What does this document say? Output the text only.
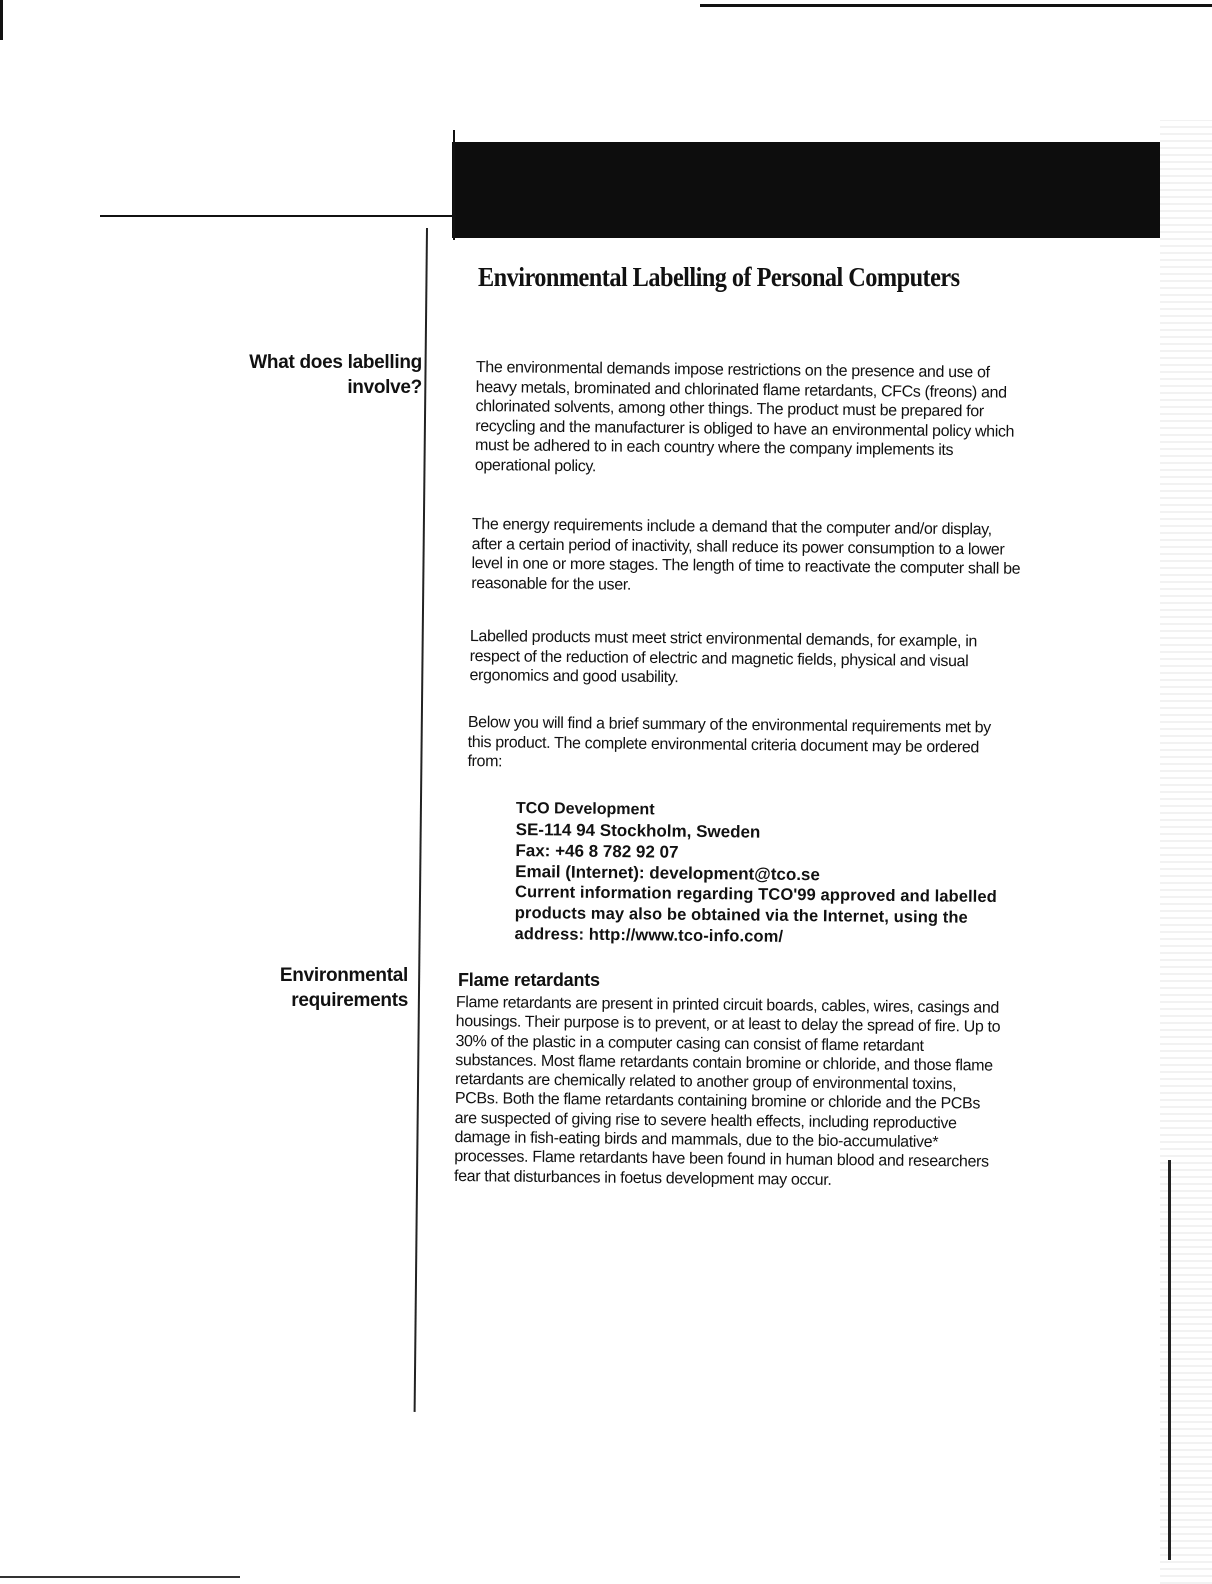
Environmental Labelling of Personal Computers
What does labelling involve?

The environmental demands impose restrictions on the presence and use of heavy metals, brominated and chlorinated flame retardants, CFCs (freons) and chlorinated solvents, among other things. The product must be prepared for recycling and the manufacturer is obliged to have an environmental policy which must be adhered to in each country where the company implements its operational policy.

The energy requirements include a demand that the computer and/or display, after a certain period of inactivity, shall reduce its power consumption to a lower level in one or more stages. The length of time to reactivate the computer shall be reasonable for the user.

Labelled products must meet strict environmental demands, for example, in respect of the reduction of electric and magnetic fields, physical and visual ergonomics and good usability.

Below you will find a brief summary of the environmental requirements met by this product. The complete environmental criteria document may be ordered from:

TCO Development
SE-114 94 Stockholm, Sweden
Fax: +46 8 782 92 07
Email (Internet): development@tco.se
Current information regarding TCO'99 approved and labelled products may also be obtained via the Internet, using the address: http://www.tco-info.com/
Environmental requirements
Flame retardants

Flame retardants are present in printed circuit boards, cables, wires, casings and housings. Their purpose is to prevent, or at least to delay the spread of fire. Up to 30% of the plastic in a computer casing can consist of flame retardant substances. Most flame retardants contain bromine or chloride, and those flame retardants are chemically related to another group of environmental toxins, PCBs. Both the flame retardants containing bromine or chloride and the PCBs are suspected of giving rise to severe health effects, including reproductive damage in fish-eating birds and mammals, due to the bio-accumulative* processes. Flame retardants have been found in human blood and researchers fear that disturbances in foetus development may occur.
